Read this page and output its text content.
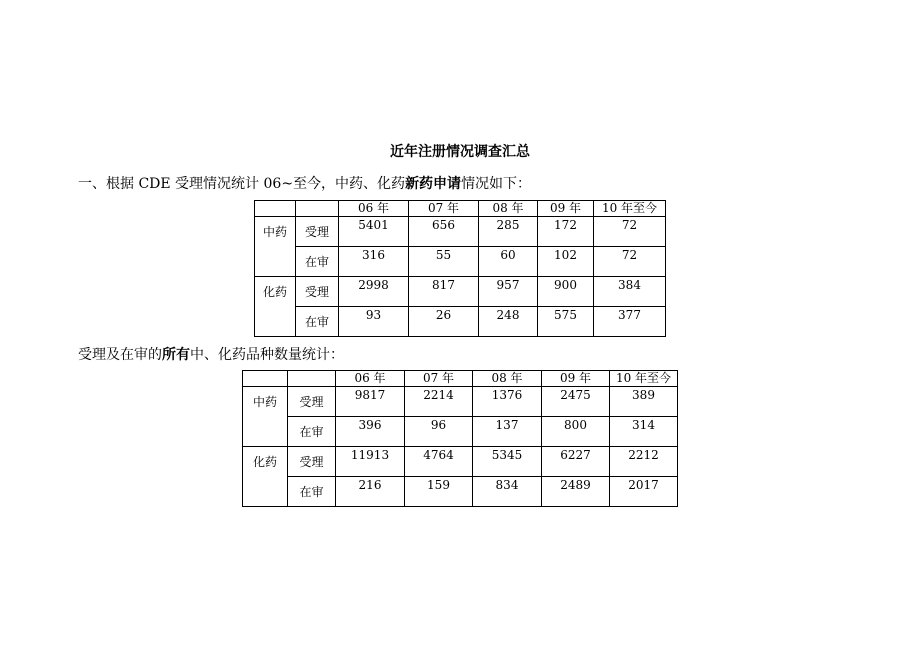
近年注册情况调查汇总
一、根据 CDE 受理情况统计 06~至今，中药、化药新药申请情况如下：
		06 年	07 年	08 年	09 年	10 年至今
中药	受理	5401	656	285	172	72
	在审	316	55	60	102	72
化药	受理	2998	817	957	900	384
	在审	93	26	248	575	377
受理及在审的所有中、化药品种数量统计：
		06 年	07 年	08 年	09 年	10 年至今
中药	受理	9817	2214	1376	2475	389
	在审	396	96	137	800	314
化药	受理	11913	4764	5345	6227	2212
	在审	216	159	834	2489	2017
